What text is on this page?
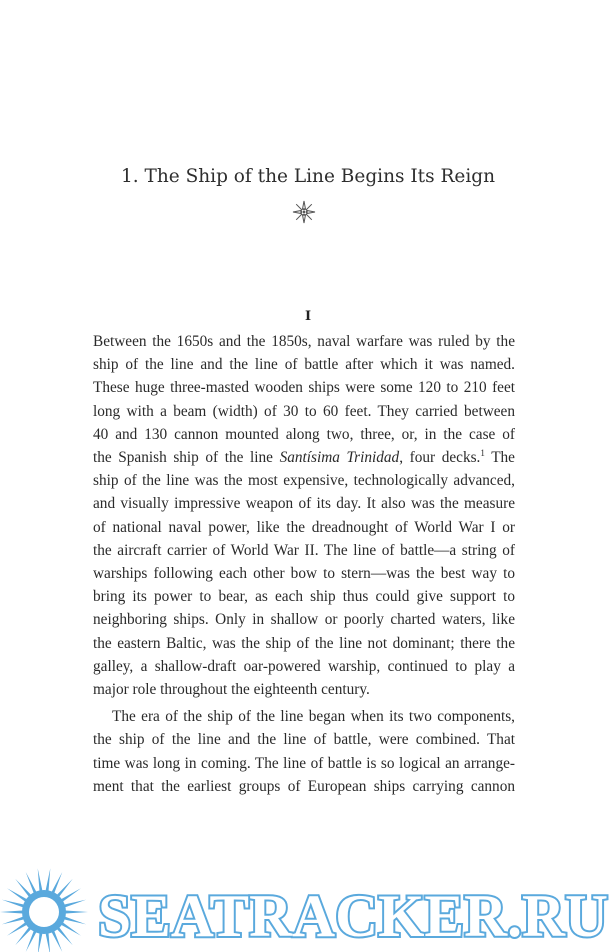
1. The Ship of the Line Begins Its Reign
I

Between the 1650s and the 1850s, naval warfare was ruled by the
ship of the line and the line of battle after which it was named.
These huge three-masted wooden ships were some 120 to 210 feet
long with a beam (width) of 30 to 60 feet. They carried between
40 and 130 cannon mounted along two, three, or, in the case of
the Spanish ship of the line Santísima Trinidad, four decks.$^1$ The
ship of the line was the most expensive, technologically advanced,
and visually impressive weapon of its day. It also was the measure
of national naval power, like the dreadnought of World War I or
the aircraft carrier of World War II. The line of battle—a string of
warships following each other bow to stern—was the best way to
bring its power to bear, as each ship thus could give support to
neighboring ships. Only in shallow or poorly charted waters, like
the eastern Baltic, was the ship of the line not dominant; there the
galley, a shallow-draft oar-powered warship, continued to play a
major role throughout the eighteenth century.

The era of the ship of the line began when its two components,
the ship of the line and the line of battle, were combined. That
time was long in coming. The line of battle is so logical an arrange-
ment that the earliest groups of European ships carrying cannon

SEATRACKER.RU
